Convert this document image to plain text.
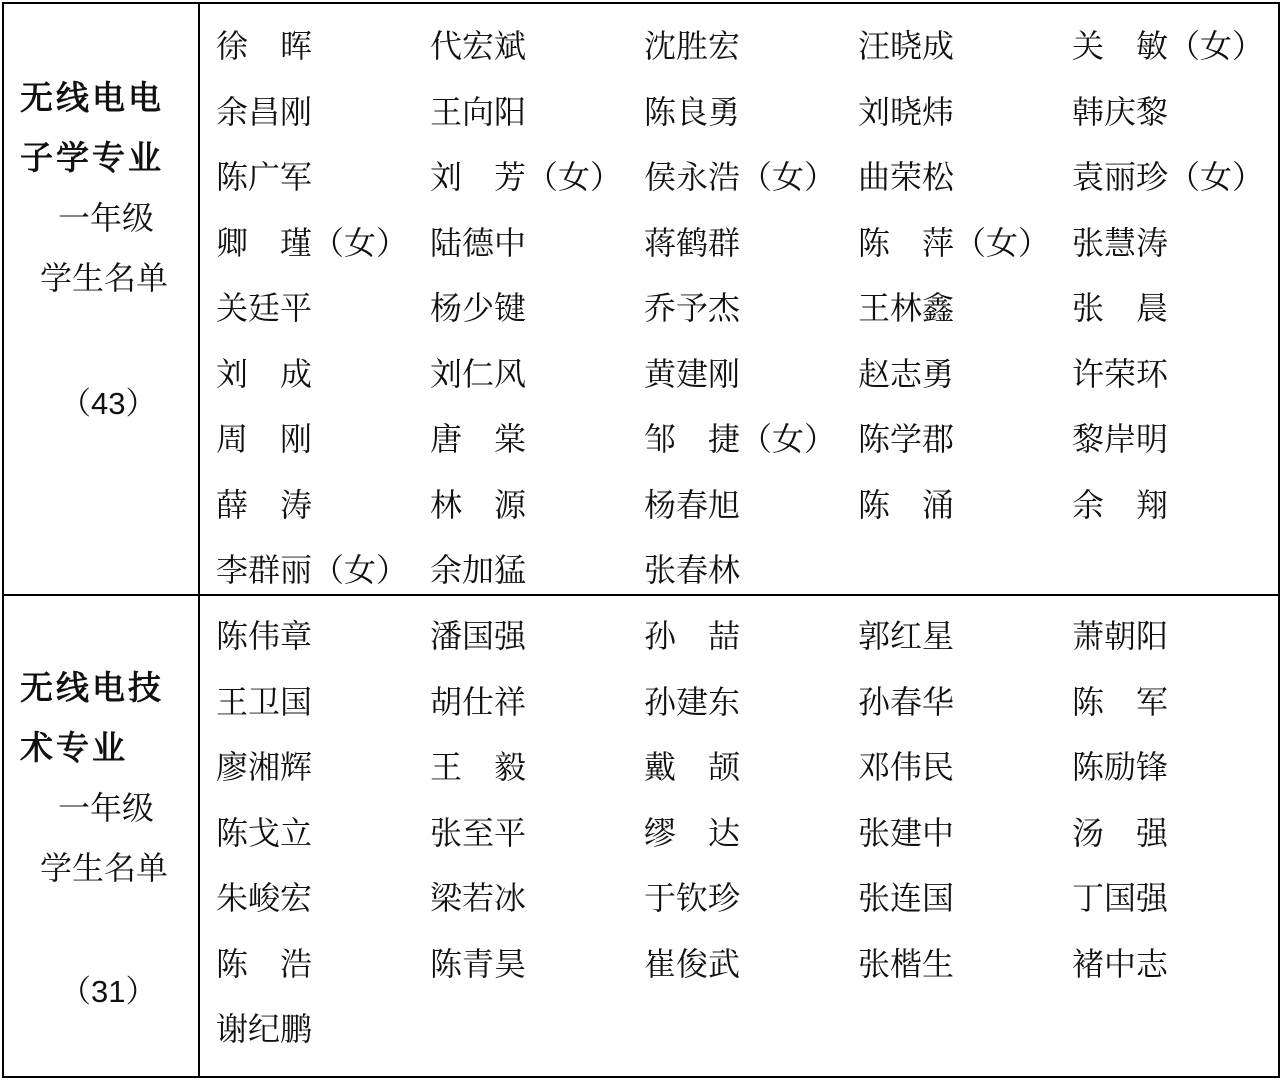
无线电电
子学专业
一年级
学生名单
（43）
徐　晖	代宏斌	沈胜宏	汪晓成	关　敏（女）
余昌刚	王向阳	陈良勇	刘晓炜	韩庆黎
陈广军	刘　芳（女） 侯永浩（女） 曲荣松	袁丽珍（女）
卿　瑾（女） 陆德中	蒋鹤群	陈　萍（女） 张慧涛
关廷平	杨少键	乔予杰	王林鑫	张　晨
刘　成	刘仁风	黄建刚	赵志勇	许荣环
周　刚	唐　棠	邹　捷（女） 陈学郡	黎岸明
薛　涛	林　源	杨春旭	陈　涌	余　翔
李群丽（女） 余加猛	张春林
无线电技
术专业
一年级
学生名单
（31）
陈伟章	潘国强	孙　喆	郭红星	萧朝阳
王卫国	胡仕祥	孙建东	孙春华	陈　军
廖湘辉	王　毅	戴　颉	邓伟民	陈励锋
陈戈立	张至平	缪　达	张建中	汤　强
朱峻宏	梁若冰	于钦珍	张连国	丁国强
陈　浩	陈青昊	崔俊武	张楷生	褚中志
谢纪鹏
